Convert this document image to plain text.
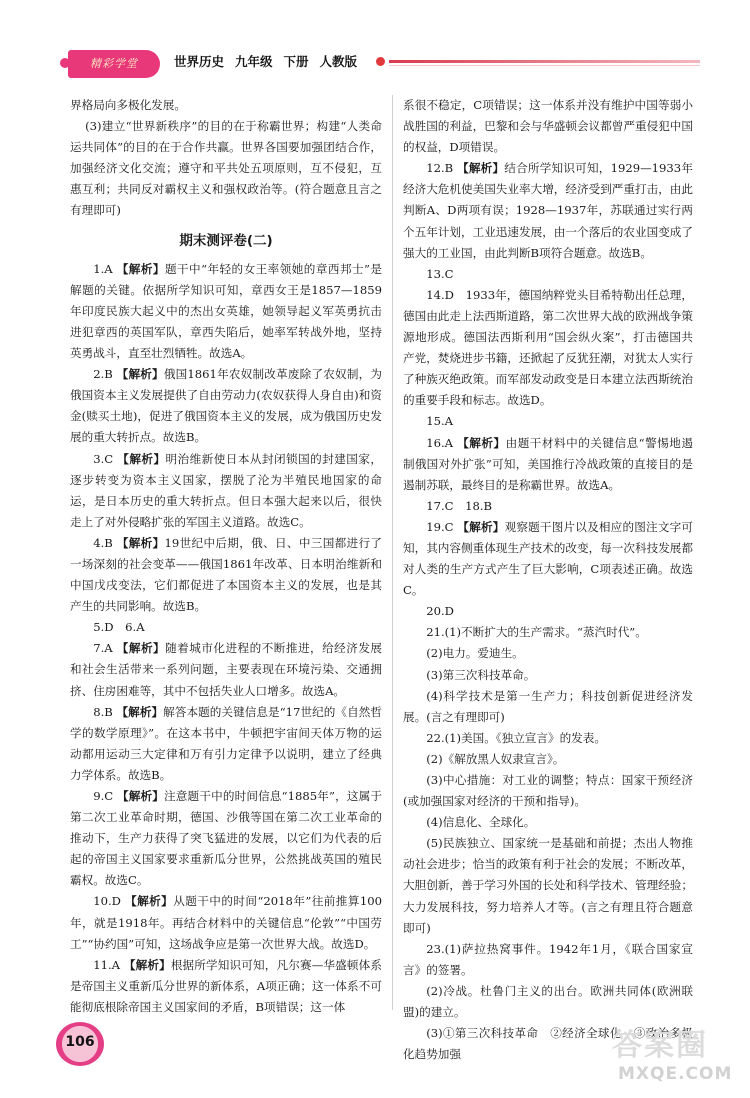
精彩学堂	世界历史 九年级 下册 人教版

界格局向多极化发展。

(3)建立“世界新秩序”的目的在于称霸世界；构建“人类命运共同体”的目的在于合作共赢。世界各国要加强团结合作，加强经济文化交流；遵守和平共处五项原则，互不侵犯，互惠互利；共同反对霸权主义和强权政治等。(符合题意且言之有理即可)

期末测评卷(二)

1.A 【解析】题干中“年轻的女王率领她的章西邦士”是解题的关键。依据所学知识可知，章西女王是1857—1859年印度民族大起义中的杰出女英雄，她领导起义军英勇抗击进犯章西的英国军队，章西失陷后，她率军转战外地，坚持英勇战斗，直至壮烈牺牲。故选A。

2.B 【解析】俄国1861年农奴制改革废除了农奴制，为俄国资本主义发展提供了自由劳动力(农奴获得人身自由)和资金(赎买土地)，促进了俄国资本主义的发展，成为俄国历史发展的重大转折点。故选B。

3.C 【解析】明治维新使日本从封闭锁国的封建国家，逐步转变为资本主义国家，摆脱了沦为半殖民地国家的命运，是日本历史的重大转折点。但日本强大起来以后，很快走上了对外侵略扩张的军国主义道路。故选C。

4.B 【解析】19世纪中后期，俄、日、中三国都进行了一场深刻的社会变革——俄国1861年改革、日本明治维新和中国戊戌变法，它们都促进了本国资本主义的发展，也是其产生的共同影响。故选B。

5.D　6.A

7.A 【解析】随着城市化进程的不断推进，给经济发展和社会生活带来一系列问题，主要表现在环境污染、交通拥挤、住房困难等，其中不包括失业人口增多。故选A。

8.B 【解析】解答本题的关键信息是“17世纪的《自然哲学的数学原理》”。在这本书中，牛顿把宇宙间天体万物的运动都用运动三大定律和万有引力定律予以说明，建立了经典力学体系。故选B。

9.C 【解析】注意题干中的时间信息“1885年”，这属于第二次工业革命时期，德国、沙俄等国在第二次工业革命的推动下，生产力获得了突飞猛进的发展，以它们为代表的后起的帝国主义国家要求重新瓜分世界，公然挑战英国的殖民霸权。故选C。

10.D 【解析】从题干中的时间“2018年”往前推算100年，就是1918年。再结合材料中的关键信息“伦敦”“中国劳工”“协约国”可知，这场战争应是第一次世界大战。故选D。

11.A 【解析】根据所学知识可知，凡尔赛—华盛顿体系是帝国主义重新瓜分世界的新体系，A项正确；这一体系不可能彻底根除帝国主义国家间的矛盾，B项错误；这一体

系很不稳定，C项错误；这一体系并没有维护中国等弱小战胜国的利益，巴黎和会与华盛顿会议都曾严重侵犯中国的权益，D项错误。

12.B 【解析】结合所学知识可知，1929—1933年经济大危机使美国失业率大增，经济受到严重打击，由此判断A、D两项有误；1928—1937年，苏联通过实行两个五年计划，工业迅速发展，由一个落后的农业国变成了强大的工业国，由此判断B项符合题意。故选B。

13.C

14.D　1933年，德国纳粹党头目希特勒出任总理，德国由此走上法西斯道路，第二次世界大战的欧洲战争策源地形成。德国法西斯利用“国会纵火案”，打击德国共产党，焚烧进步书籍，还掀起了反犹狂潮，对犹太人实行了种族灭绝政策。而军部发动政变是日本建立法西斯统治的重要手段和标志。故选D。

15.A

16.A 【解析】由题干材料中的关键信息“警惕地遏制俄国对外扩张”可知，美国推行冷战政策的直接目的是遏制苏联，最终目的是称霸世界。故选A。

17.C　18.B

19.C 【解析】观察题干图片以及相应的图注文字可知，其内容侧重体现生产技术的改变，每一次科技发展都对人类的生产方式产生了巨大影响，C项表述正确。故选C。

20.D

21.(1)不断扩大的生产需求。“蒸汽时代”。

(2)电力。爱迪生。

(3)第三次科技革命。

(4)科学技术是第一生产力；科技创新促进经济发展。(言之有理即可)

22.(1)美国。《独立宣言》的发表。

(2)《解放黑人奴隶宣言》。

(3)中心措施：对工业的调整；特点：国家干预经济(或加强国家对经济的干预和指导)。

(4)信息化、全球化。

(5)民族独立、国家统一是基础和前提；杰出人物推动社会进步；恰当的政策有利于社会的发展；不断改革，大胆创新，善于学习外国的长处和科学技术、管理经验；大力发展科技，努力培养人才等。(言之有理且符合题意即可)

23.(1)萨拉热窝事件。1942年1月，《联合国家宣言》的签署。

(2)冷战。杜鲁门主义的出台。欧洲共同体(欧洲联盟)的建立。

(3)①第三次科技革命　②经济全球化　③政治多极化趋势加强

106	答案圈
MXQE.COM
